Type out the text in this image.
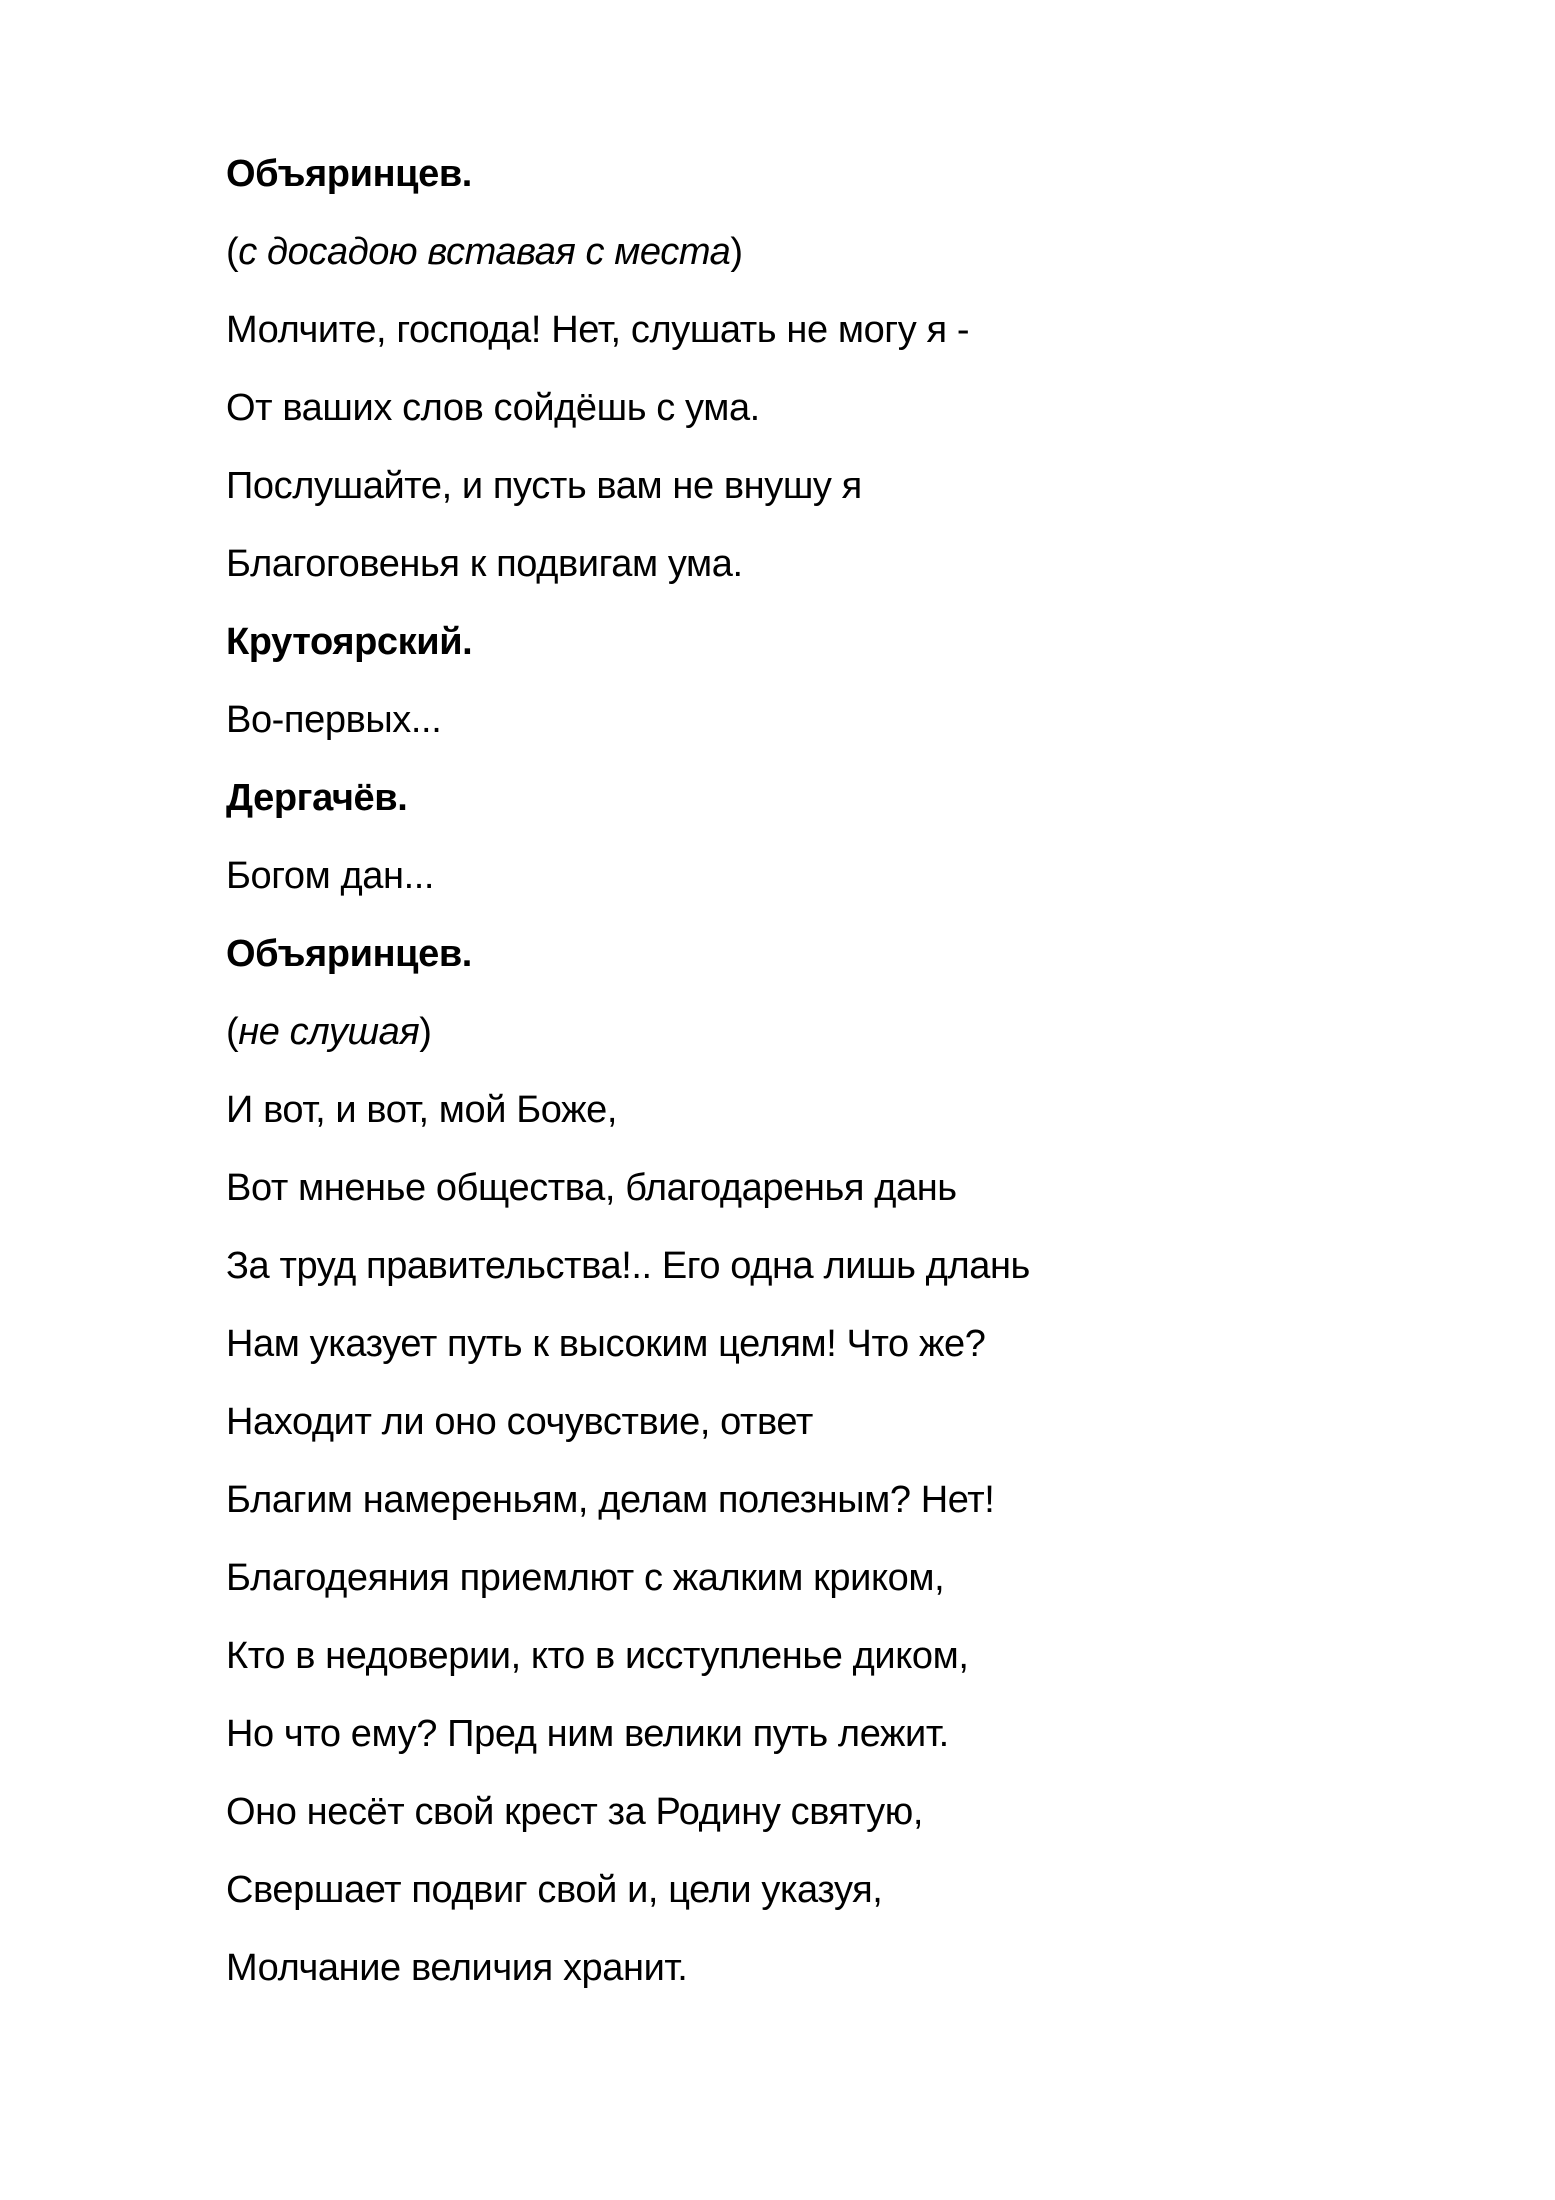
Объяринцев.

(с досадою вставая с места)

Молчите, господа! Нет, слушать не могу я -

От ваших слов сойдёшь с ума.

Послушайте, и пусть вам не внушу я

Благоговенья к подвигам ума.

Крутоярский.

Во-первых...

Дергачёв.

Богом дан...

Объяринцев.

(не слушая)

И вот, и вот, мой Боже,

Вот мненье общества, благодаренья дань

За труд правительства!.. Его одна лишь длань

Нам указует путь к высоким целям! Что же?

Находит ли оно сочувствие, ответ

Благим намереньям, делам полезным? Нет!

Благодеяния приемлют с жалким криком,

Кто в недоверии, кто в исступленье диком,

Но что ему? Пред ним велики путь лежит.

Оно несёт свой крест за Родину святую,

Свершает подвиг свой и, цели указуя,

Молчание величия хранит.
